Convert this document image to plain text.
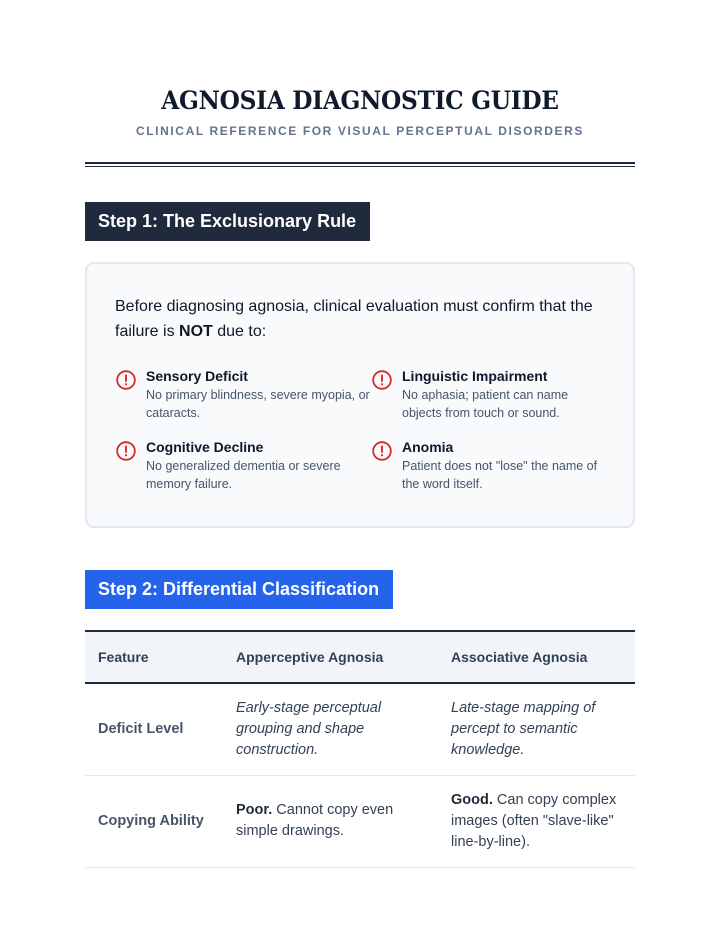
AGNOSIA DIAGNOSTIC GUIDE
CLINICAL REFERENCE FOR VISUAL PERCEPTUAL DISORDERS
Step 1: The Exclusionary Rule

Before diagnosing agnosia, clinical evaluation must confirm that the failure is NOT due to:

Sensory Deficit
No primary blindness, severe myopia, or cataracts.
Linguistic Impairment
No aphasia; patient can name objects from touch or sound.
Cognitive Decline
No generalized dementia or severe memory failure.
Anomia
Patient does not "lose" the name of the word itself.
Step 2: Differential Classification
Feature	Apperceptive Agnosia	Associative Agnosia
Deficit Level	Early-stage perceptual grouping and shape construction.	Late-stage mapping of percept to semantic knowledge.
Copying Ability	Poor. Cannot copy even simple drawings.	Good. Can copy complex images (often "slave-like" line-by-line).
